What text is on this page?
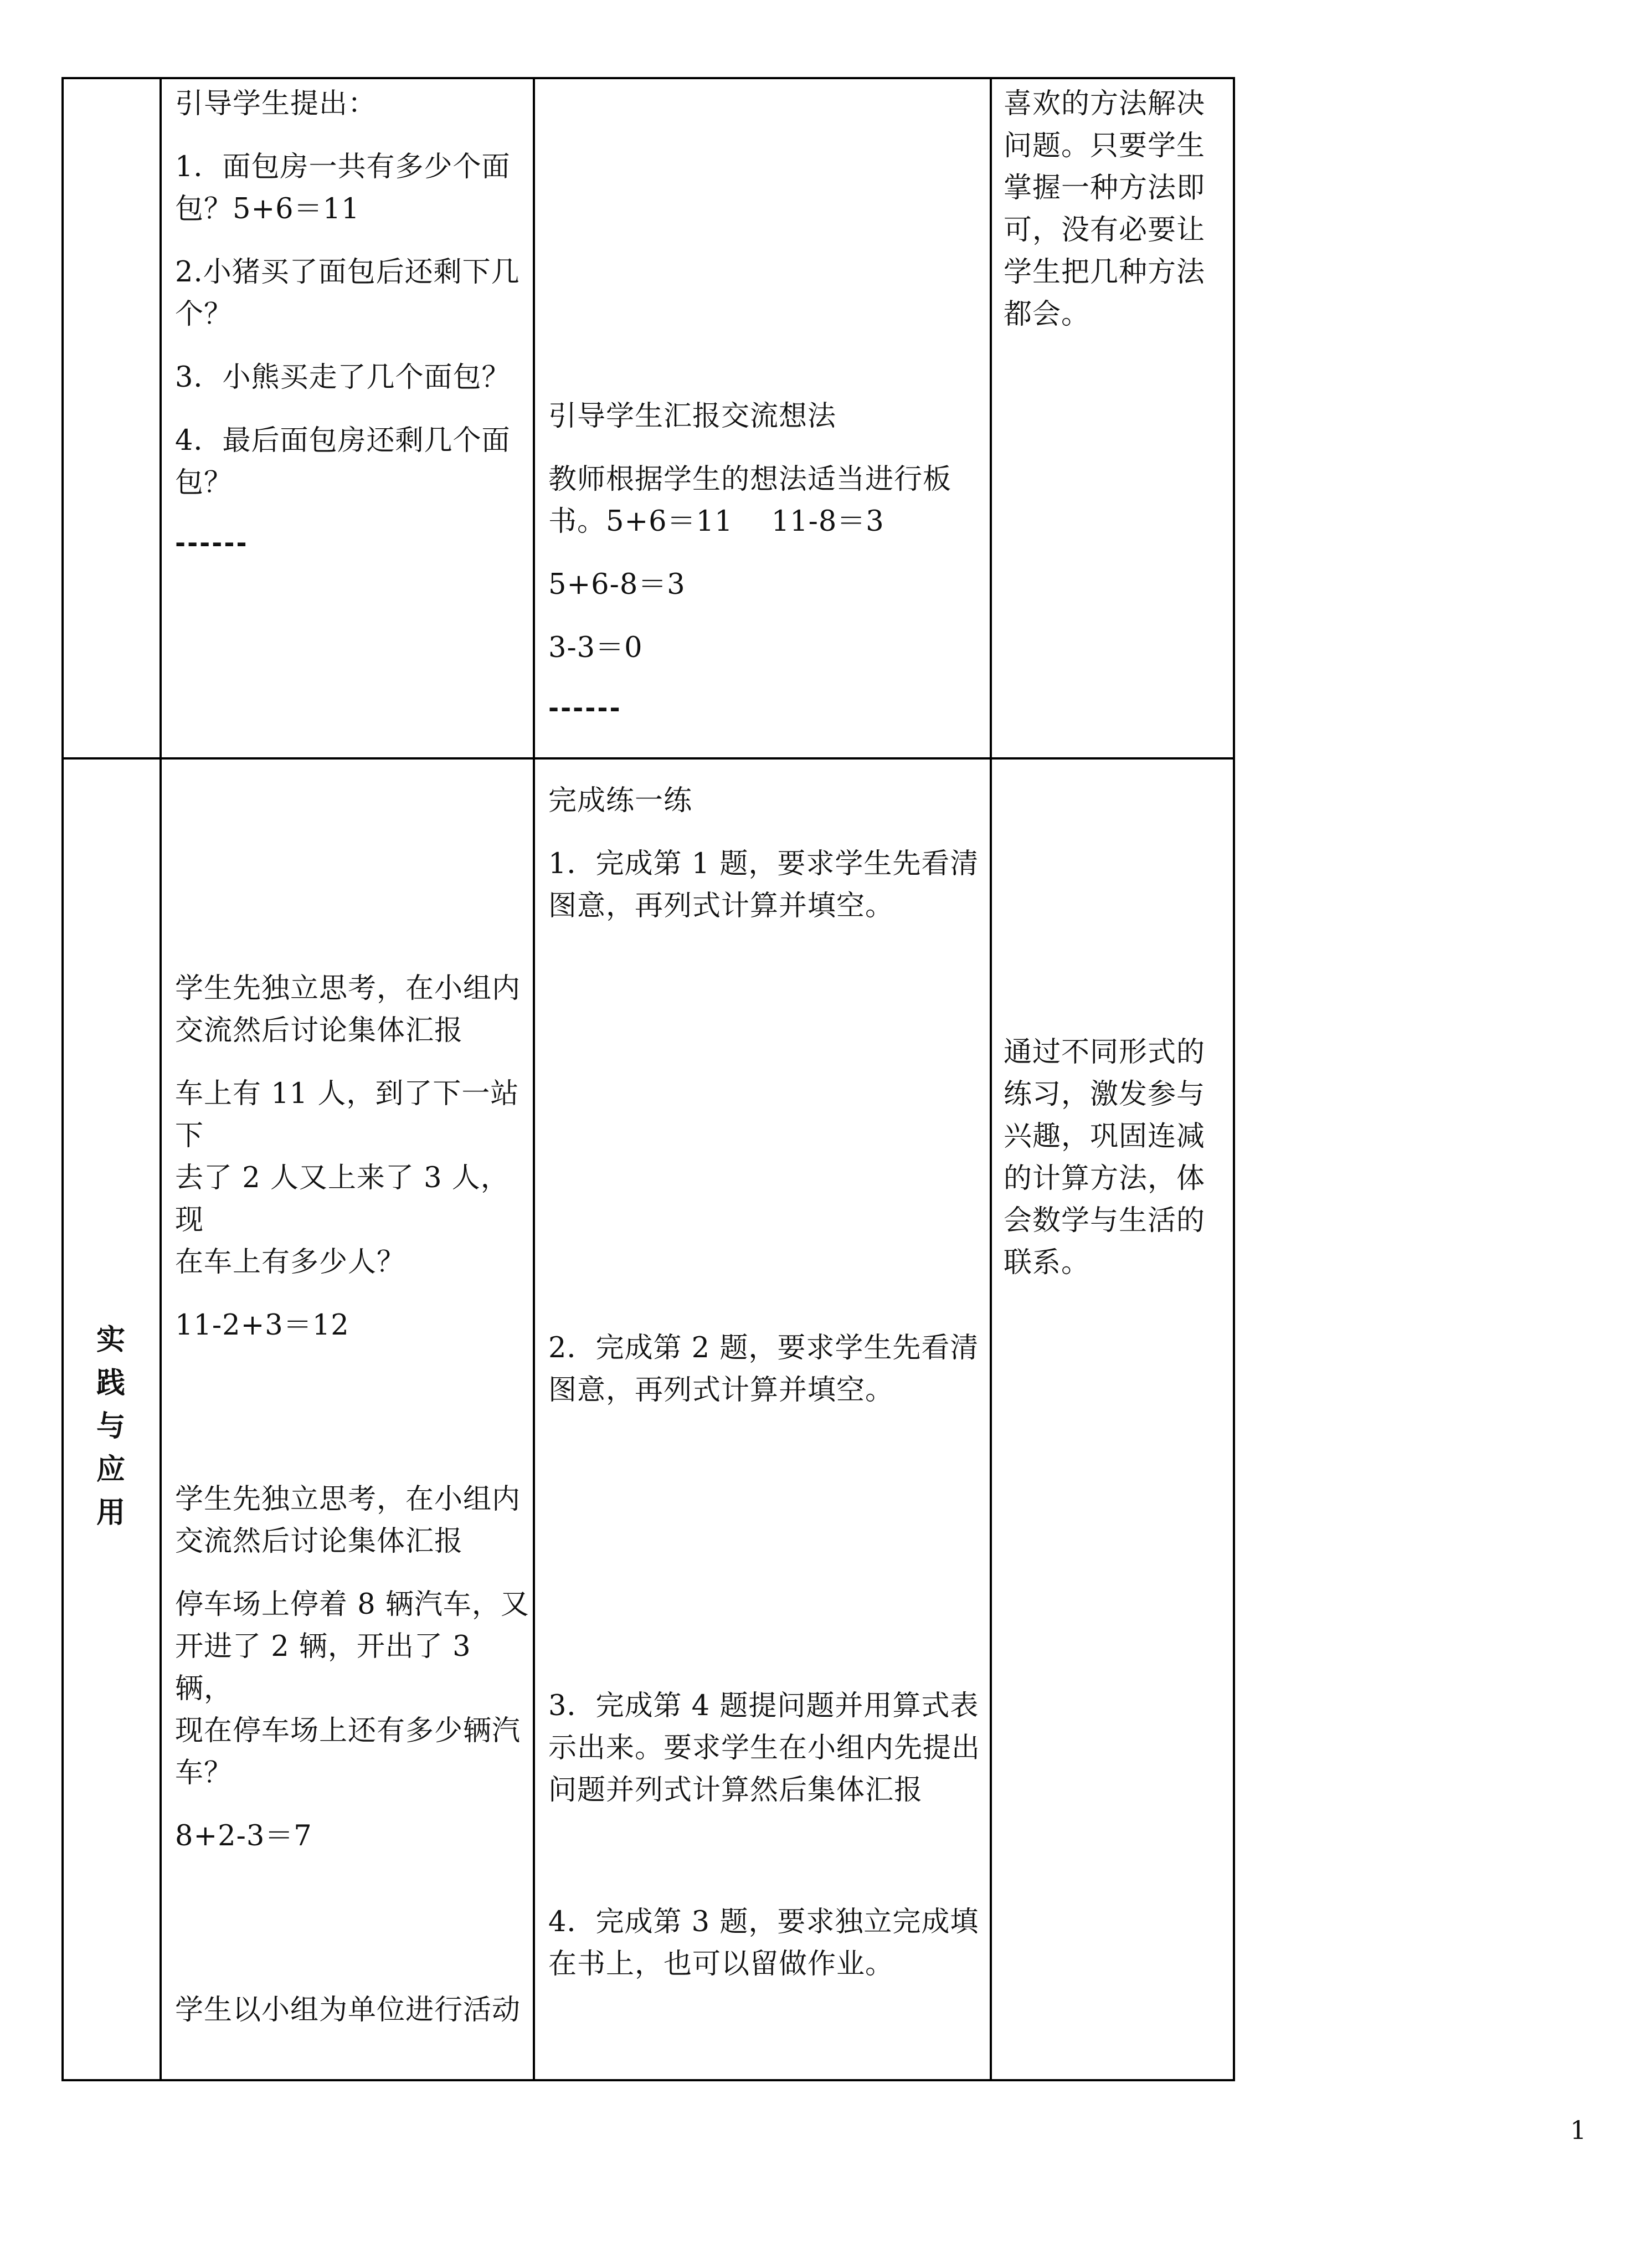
引导学生提出：

1．面包房一共有多少个面

包？5+6＝11

2.小猪买了面包后还剩下几

个？

3．小熊买走了几个面包？

4．最后面包房还剩几个面

包？

------

引导学生汇报交流想法

教师根据学生的想法适当进行板

书。5+6＝11　 11-8＝3

5+6-8＝3

3-3＝0

------

喜欢的方法解决

问题。只要学生

掌握一种方法即

可，没有必要让

学生把几种方法

都会。

实
践
与
应
用

学生先独立思考，在小组内

交流然后讨论集体汇报

车上有 11 人，到了下一站下

去了 2 人又上来了 3 人，现

在车上有多少人？

11-2+3＝12

学生先独立思考，在小组内

交流然后讨论集体汇报

停车场上停着 8 辆汽车，又

开进了 2 辆，开出了 3 辆，

现在停车场上还有多少辆汽

车？

8+2-3＝7

学生以小组为单位进行活动

完成练一练

1．完成第 1 题，要求学生先看清

图意，再列式计算并填空。

2．完成第 2 题，要求学生先看清

图意，再列式计算并填空。

3．完成第 4 题提问题并用算式表

示出来。要求学生在小组内先提出

问题并列式计算然后集体汇报

4．完成第 3 题，要求独立完成填

在书上，也可以留做作业。

通过不同形式的

练习，激发参与

兴趣，巩固连减

的计算方法，体

会数学与生活的

联系。

1
